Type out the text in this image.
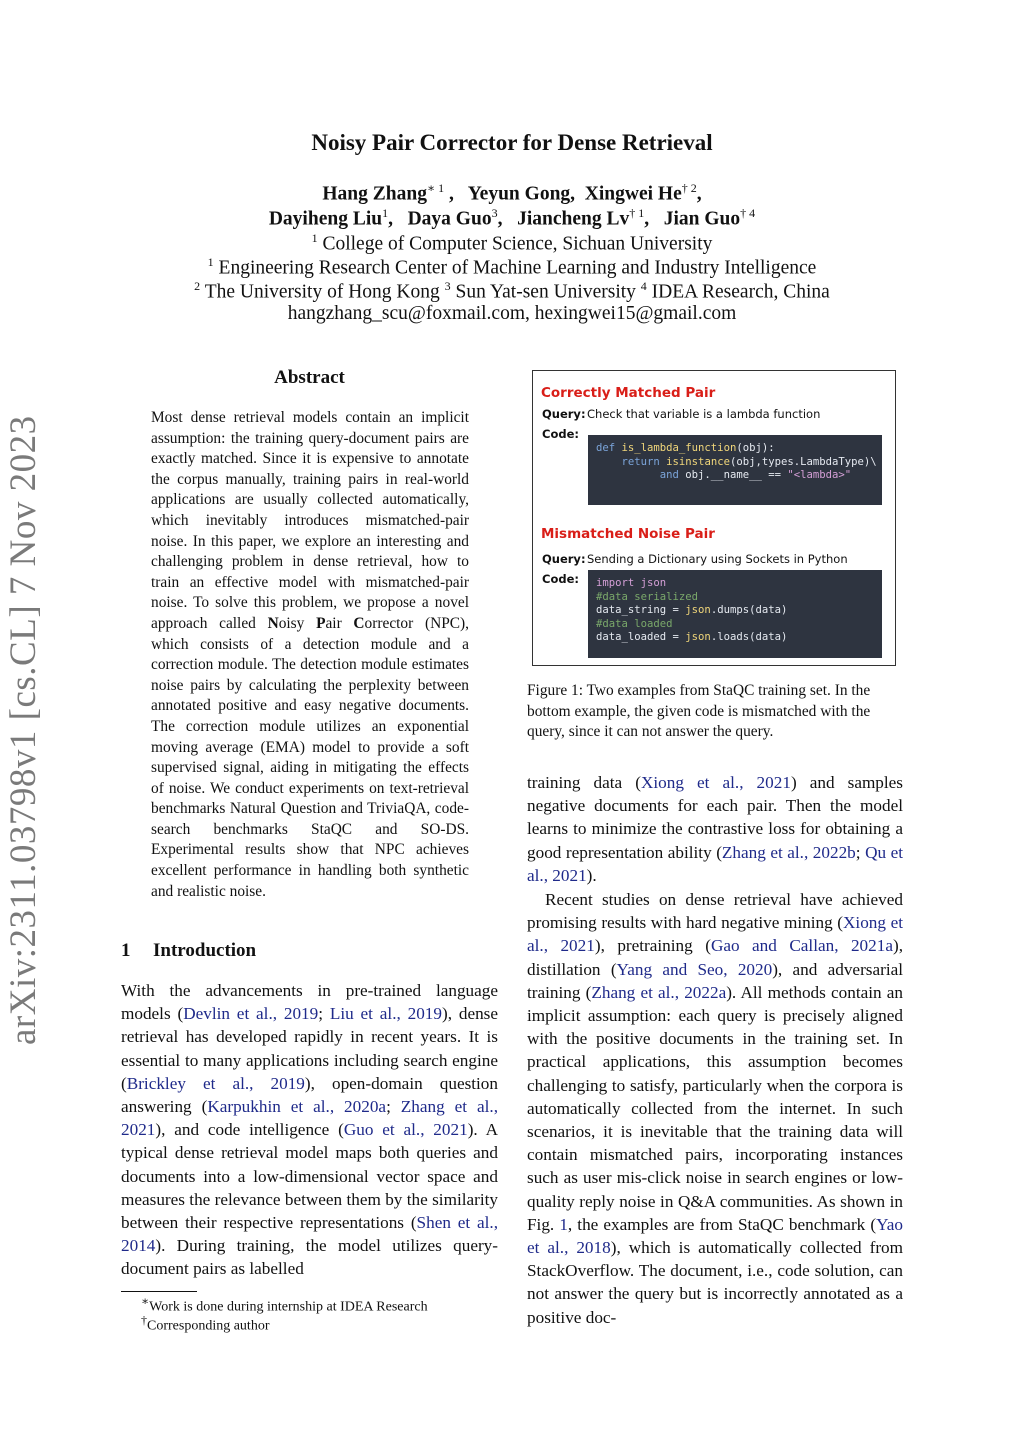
arXiv:2311.03798v1 [cs.CL] 7 Nov 2023
Noisy Pair Corrector for Dense Retrieval
Hang Zhang$^{∗ 1}$ ,   Yeyun Gong, Xingwei He$^{\dagger 2}$,
Dayiheng Liu$^1$,   Daya Guo$^3$,   Jiancheng Lv$^{\dagger 1}$,   Jian Guo$^{\dagger 4}$
$^1$ College of Computer Science, Sichuan University
$^1$ Engineering Research Center of Machine Learning and Industry Intelligence
$^2$ The University of Hong Kong $^3$ Sun Yat-sen University $^4$ IDEA Research, China
hangzhang_scu@foxmail.com, hexingwei15@gmail.com
Abstract
Most dense retrieval models contain an implicit assumption: the training query-document pairs are exactly matched. Since it is expensive to annotate the corpus manually, training pairs in real-world applications are usually collected automatically, which inevitably introduces mismatched-pair noise. In this paper, we explore an interesting and challenging problem in dense retrieval, how to train an effective model with mismatched-pair noise. To solve this problem, we propose a novel approach called Noisy Pair Corrector (NPC), which consists of a detection module and a correction module. The detection module estimates noise pairs by calculating the perplexity between annotated positive and easy negative documents. The correction module utilizes an exponential moving average (EMA) model to provide a soft supervised signal, aiding in mitigating the effects of noise. We conduct experiments on text-retrieval benchmarks Natural Question and TriviaQA, code-search benchmarks StaQC and SO-DS. Experimental results show that NPC achieves excellent performance in handling both synthetic and realistic noise.
1 Introduction
With the advancements in pre-trained language models (Devlin et al., 2019; Liu et al., 2019), dense retrieval has developed rapidly in recent years. It is essential to many applications including search engine (Brickley et al., 2019), open-domain question answering (Karpukhin et al., 2020a; Zhang et al., 2021), and code intelligence (Guo et al., 2021). A typical dense retrieval model maps both queries and documents into a low-dimensional vector space and measures the relevance between them by the similarity between their respective representations (Shen et al., 2014). During training, the model utilizes query-document pairs as labelled
∗Work is done during internship at IDEA Research
†Corresponding author
Correctly Matched Pair
Query: Check that variable is a lambda function
Code:
def is_lambda_function(obj):
return isinstance(obj,types.LambdaType)\
and obj.__name__ == "<lambda>"
Mismatched Noise Pair
Query: Sending a Dictionary using Sockets in Python
Code:	import json
#data serialized
data_string = json.dumps(data)
#data loaded
data_loaded = json.loads(data)
Figure 1: Two examples from StaQC training set. In the bottom example, the given code is mismatched with the query, since it can not answer the query.
training data (Xiong et al., 2021) and samples negative documents for each pair. Then the model learns to minimize the contrastive loss for obtaining a good representation ability (Zhang et al., 2022b; Qu et al., 2021).
Recent studies on dense retrieval have achieved promising results with hard negative mining (Xiong et al., 2021), pretraining (Gao and Callan, 2021a), distillation (Yang and Seo, 2020), and adversarial training (Zhang et al., 2022a). All methods contain an implicit assumption: each query is precisely aligned with the positive documents in the training set. In practical applications, this assumption becomes challenging to satisfy, particularly when the corpora is automatically collected from the internet. In such scenarios, it is inevitable that the training data will contain mismatched pairs, incorporating instances such as user mis-click noise in search engines or low-quality reply noise in Q&A communities. As shown in Fig. 1, the examples are from StaQC benchmark (Yao et al., 2018), which is automatically collected from StackOverflow. The document, i.e., code solution, can not answer the query but is incorrectly annotated as a positive doc-
